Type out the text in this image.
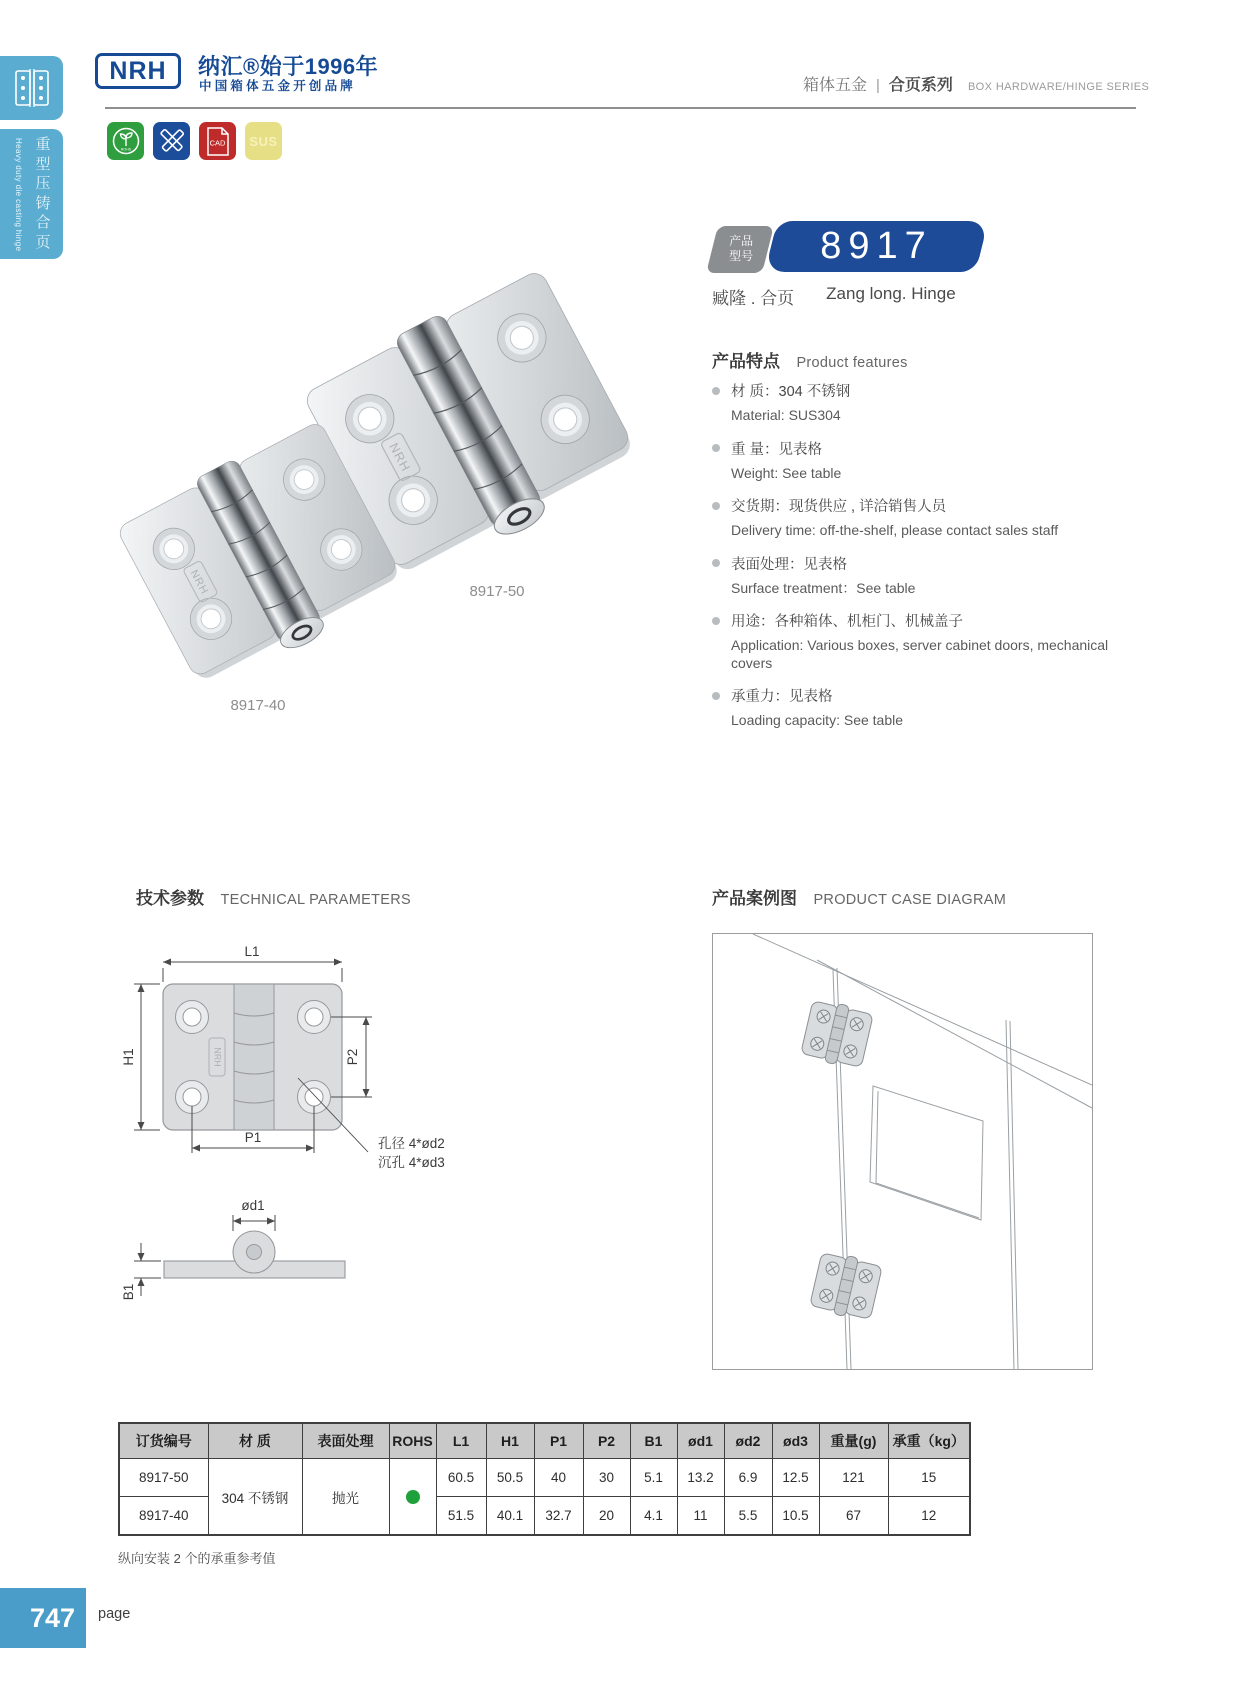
Heavy duty die casting hinge 重型压铸合页
NRH	纳汇®始于1996年
中国箱体五金开创品牌	箱体五金 | 合页系列 BOX HARDWARE/HINGE SERIES
ROHS
CAD SUS
NRH
8917-50
8917-40
产品
型号	8917
臧隆 . 合页 Zang long. Hinge
产品特点 Product features
材 质：304 不锈钢
Material: SUS304
重 量：见表格
Weight: See table
交货期：现货供应 , 详洽销售人员
Delivery time: off-the-shelf, please contact sales staff
表面处理：见表格
Surface treatment：See table
用途：各种箱体、机柜门、机械盖子
Application: Various boxes, server cabinet doors, mechanical covers
承重力：见表格
Loading capacity: See table
技术参数 TECHNICAL PARAMETERS
NRH
L1
H1	P2
P1	孔径 4*ød2
沉孔 4*ød3
ød1
B1
产品案例图 PRODUCT CASE DIAGRAM
订货编号	材 质	表面处理	ROHS	L1	H1	P1	P2	B1	ød1	ød2	ød3	重量(g)	承重（kg）
8917-50	304 不锈钢	抛光		60.5	50.5	40	30	5.1	13.2	6.9	12.5	121	15
8917-40				51.5	40.1	32.7	20	4.1	11	5.5	10.5	67	12
纵向安装 2 个的承重参考值
747	page
